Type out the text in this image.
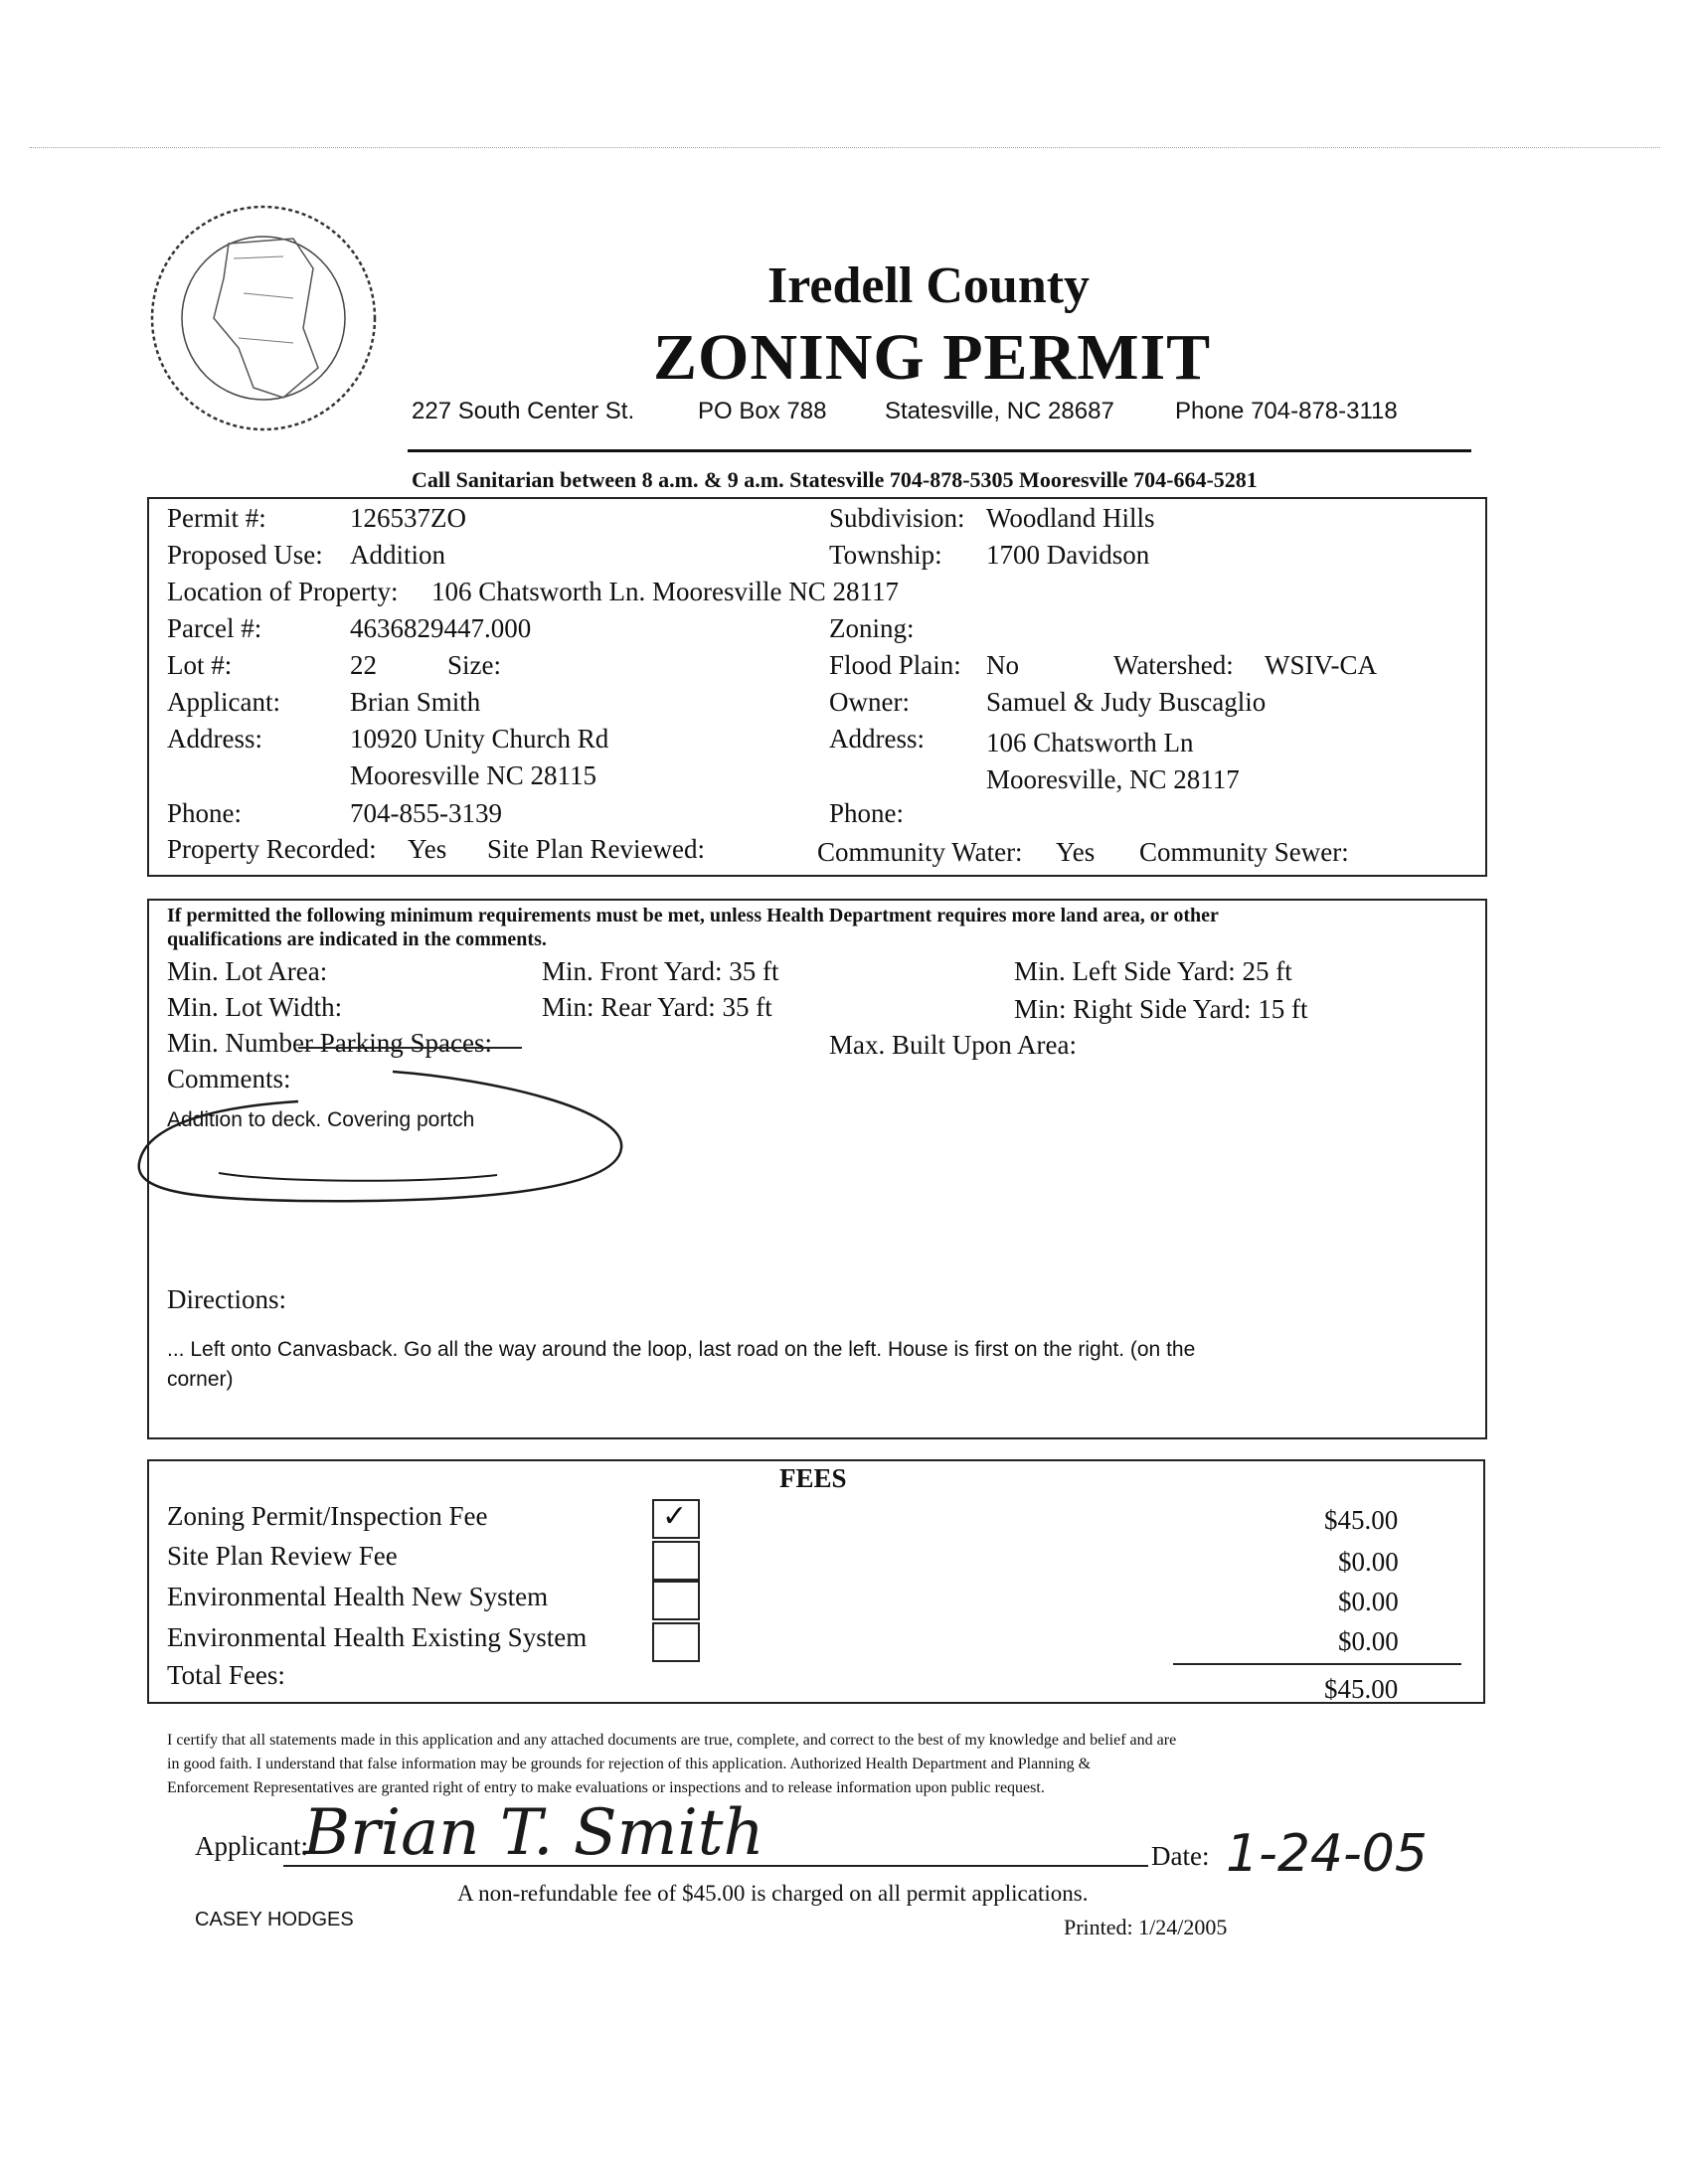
Iredell County
ZONING PERMIT
227 South Center St.	PO Box 788 Statesville, NC 28687	Phone 704-878-3118
Call Sanitarian between 8 a.m. & 9 a.m. Statesville 704-878-5305 Mooresville 704-664-5281
Permit #:	126537ZO	Subdivision: Woodland Hills
Proposed Use: Addition	Township: 1700 Davidson
Location of Property: 106 Chatsworth Ln. Mooresville NC 28117
Parcel #:	4636829447.000	Zoning:
Lot #:	22	Size:	Flood Plain: No	Watershed: WSIV-CA
Applicant:	Brian Smith	Owner:	Samuel & Judy Buscaglio
Address:	10920 Unity Church Rd	Address: 106 Chatsworth Ln
Mooresville NC 28115	Mooresville, NC 28117
Phone:	704-855-3139	Phone:
Property Recorded: Yes Site Plan Reviewed:	Community Water: Yes Community Sewer:
If permitted the following minimum requirements must be met, unless Health Department requires more land area, or other
qualifications are indicated in the comments.
Min. Lot Area:	Min. Front Yard: 35 ft	Min. Left Side Yard: 25 ft
Min. Lot Width:	Min: Rear Yard: 35 ft	Min: Right Side Yard: 15 ft
Min. Number Parking Spaces:	Max. Built Upon Area:
Comments:
Addition to deck. Covering portch
Directions:
... Left onto Canvasback. Go all the way around the loop, last road on the left. House is first on the right. (on the
corner)
FEES
Zoning Permit/Inspection Fee	✓	$45.00
Site Plan Review Fee	$0.00
Environmental Health New System	$0.00
Environmental Health Existing System	$0.00
Total Fees:	$45.00
I certify that all statements made in this application and any attached documents are true, complete, and correct to the best of my knowledge and belief and are
in good faith. I understand that false information may be grounds for rejection of this application. Authorized Health Department and Planning &
Enforcement Representatives are granted right of entry to make evaluations or inspections and to release information upon public request.
Applicant:
Brian T. Smith	Date: 1-24-05
A non-refundable fee of $45.00 is charged on all permit applications.
CASEY HODGES	Printed: 1/24/2005
